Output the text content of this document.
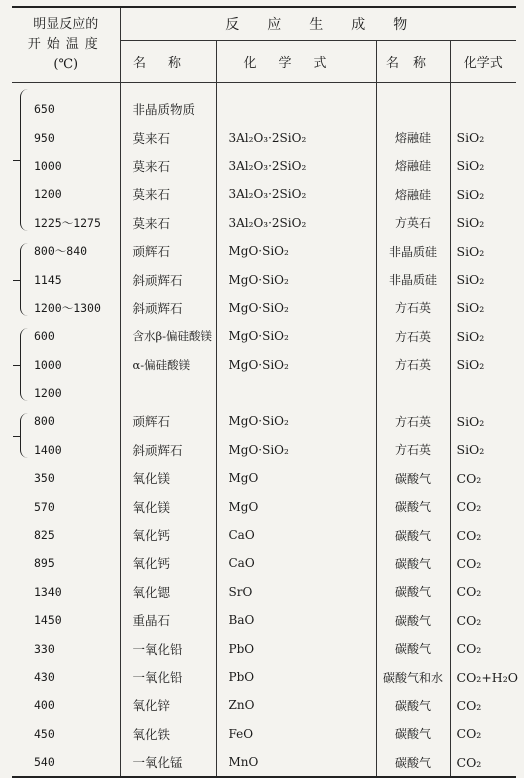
明显反应的
开始温度
(℃)	反应生成物			
	名称	化学式	名称	化学式
650	非晶质物质			
950	莫来石	3Al₂O₃·2SiO₂	熔融硅	SiO₂
1000	莫来石	3Al₂O₃·2SiO₂	熔融硅	SiO₂
1200	莫来石	3Al₂O₃·2SiO₂	熔融硅	SiO₂
1225～1275	莫来石	3Al₂O₃·2SiO₂	方英石	SiO₂
800～840	顽辉石	MgO·SiO₂	非晶质硅	SiO₂
1145	斜顽辉石	MgO·SiO₂	非晶质硅	SiO₂
1200～1300	斜顽辉石	MgO·SiO₂	方石英	SiO₂
600	含水β-偏硅酸镁	MgO·SiO₂	方石英	SiO₂
1000	α-偏硅酸镁	MgO·SiO₂	方石英	SiO₂
1200				
800	顽辉石	MgO·SiO₂	方石英	SiO₂
1400	斜顽辉石	MgO·SiO₂	方石英	SiO₂
350	氧化镁	MgO	碳酸气	CO₂
570	氧化镁	MgO	碳酸气	CO₂
825	氧化钙	CaO	碳酸气	CO₂
895	氧化钙	CaO	碳酸气	CO₂
1340	氧化锶	SrO	碳酸气	CO₂
1450	重晶石	BaO	碳酸气	CO₂
330	一氧化铅	PbO	碳酸气	CO₂
430	一氧化铅	PbO	碳酸气和水	CO₂+H₂O
400	氧化锌	ZnO	碳酸气	CO₂
450	氧化铁	FeO	碳酸气	CO₂
540	一氧化锰	MnO	碳酸气	CO₂
